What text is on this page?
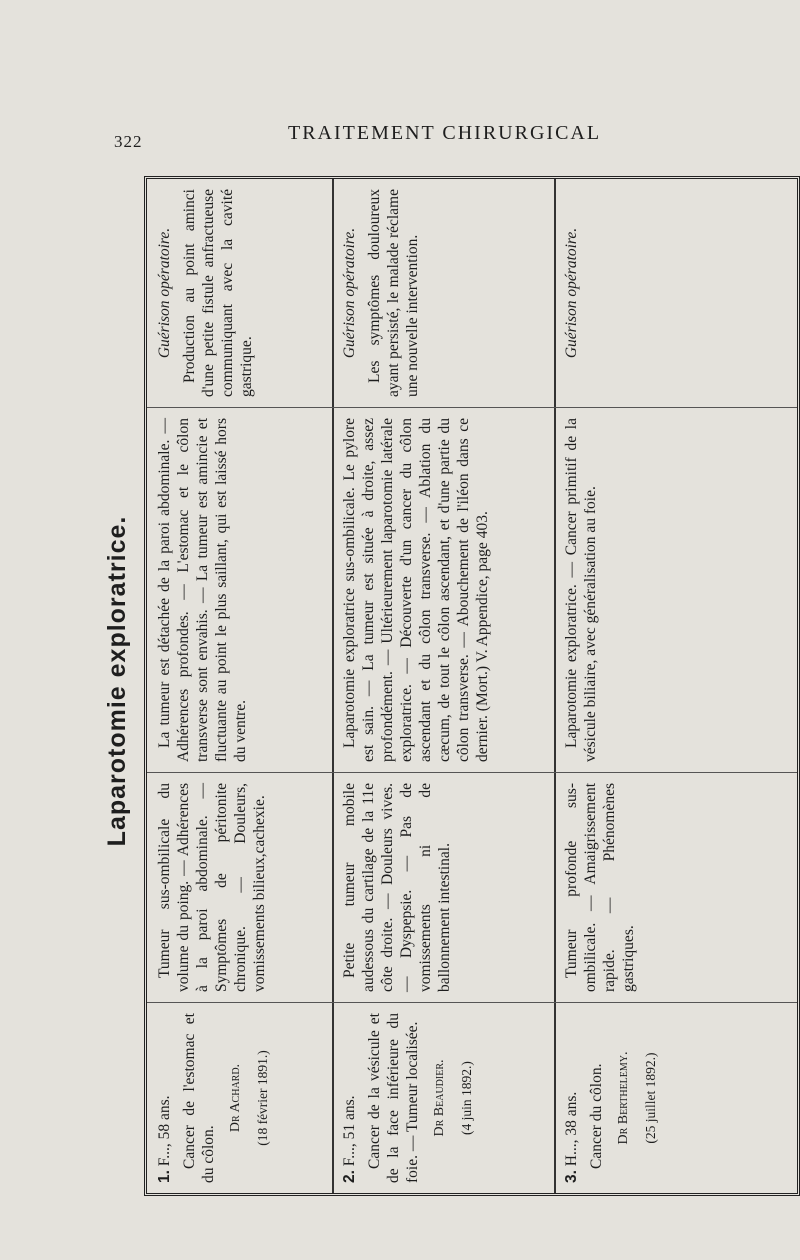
322	TRAITEMENT CHIRURGICAL
Laparotomie exploratrice.
1. F..., 58 ans. Cancer de l'estomac et du côlon.
Dr Achard. (18 février 1891.)
Tumeur sus-ombilicale du volume du poing. — Adhérences à la paroi abdominale. — Symptômes de péritonite chronique. — Douleurs, vomissements bilieux,cachexie.
La tumeur est détachée de la paroi abdominale. — Adhérences profondes. — L'estomac et le côlon transverse sont envahis. — La tumeur est amincie et fluctuante au point le plus saillant, qui est laissé hors du ventre.
Guérison opératoire. Production au point aminci d'une petite fistule anfractueuse communiquant avec la cavité gastrique.
2. F..., 51 ans. Cancer de la vésicule et de la face inférieure du foie. — Tumeur localisée. Dr Beaudier. (4 juin 1892.)
Petite tumeur mobile audessous du cartilage de la 11e côte droite. — Douleurs vives. — Dyspepsie. — Pas de vomissements ni de ballonnement intestinal.
Laparotomie exploratrice sus-ombilicale. Le pylore est sain. — La tumeur est située à droite, assez profondément. — Ultérieurement laparotomie latérale exploratrice. — Découverte d'un cancer du côlon ascendant et du côlon transverse. — Ablation du cæcum, de tout le côlon ascendant, et d'une partie du côlon transverse. — Abouchement de l'iléon dans ce dernier. (Mort.) V. Appendice, page 403.
Guérison opératoire. Les symptômes douloureux ayant persisté, le malade réclame une nouvelle intervention.
3. H..., 38 ans. Cancer du côlon. Dr Berthelemy. (25 juillet 1892.)
Tumeur profonde sus-ombilicale. — Amaigrissement rapide. — Phénomènes gastriques.
Laparotomie exploratrice. — Cancer primitif de la vésicule biliaire, avec généralisation au foie.
Guérison opératoire.
